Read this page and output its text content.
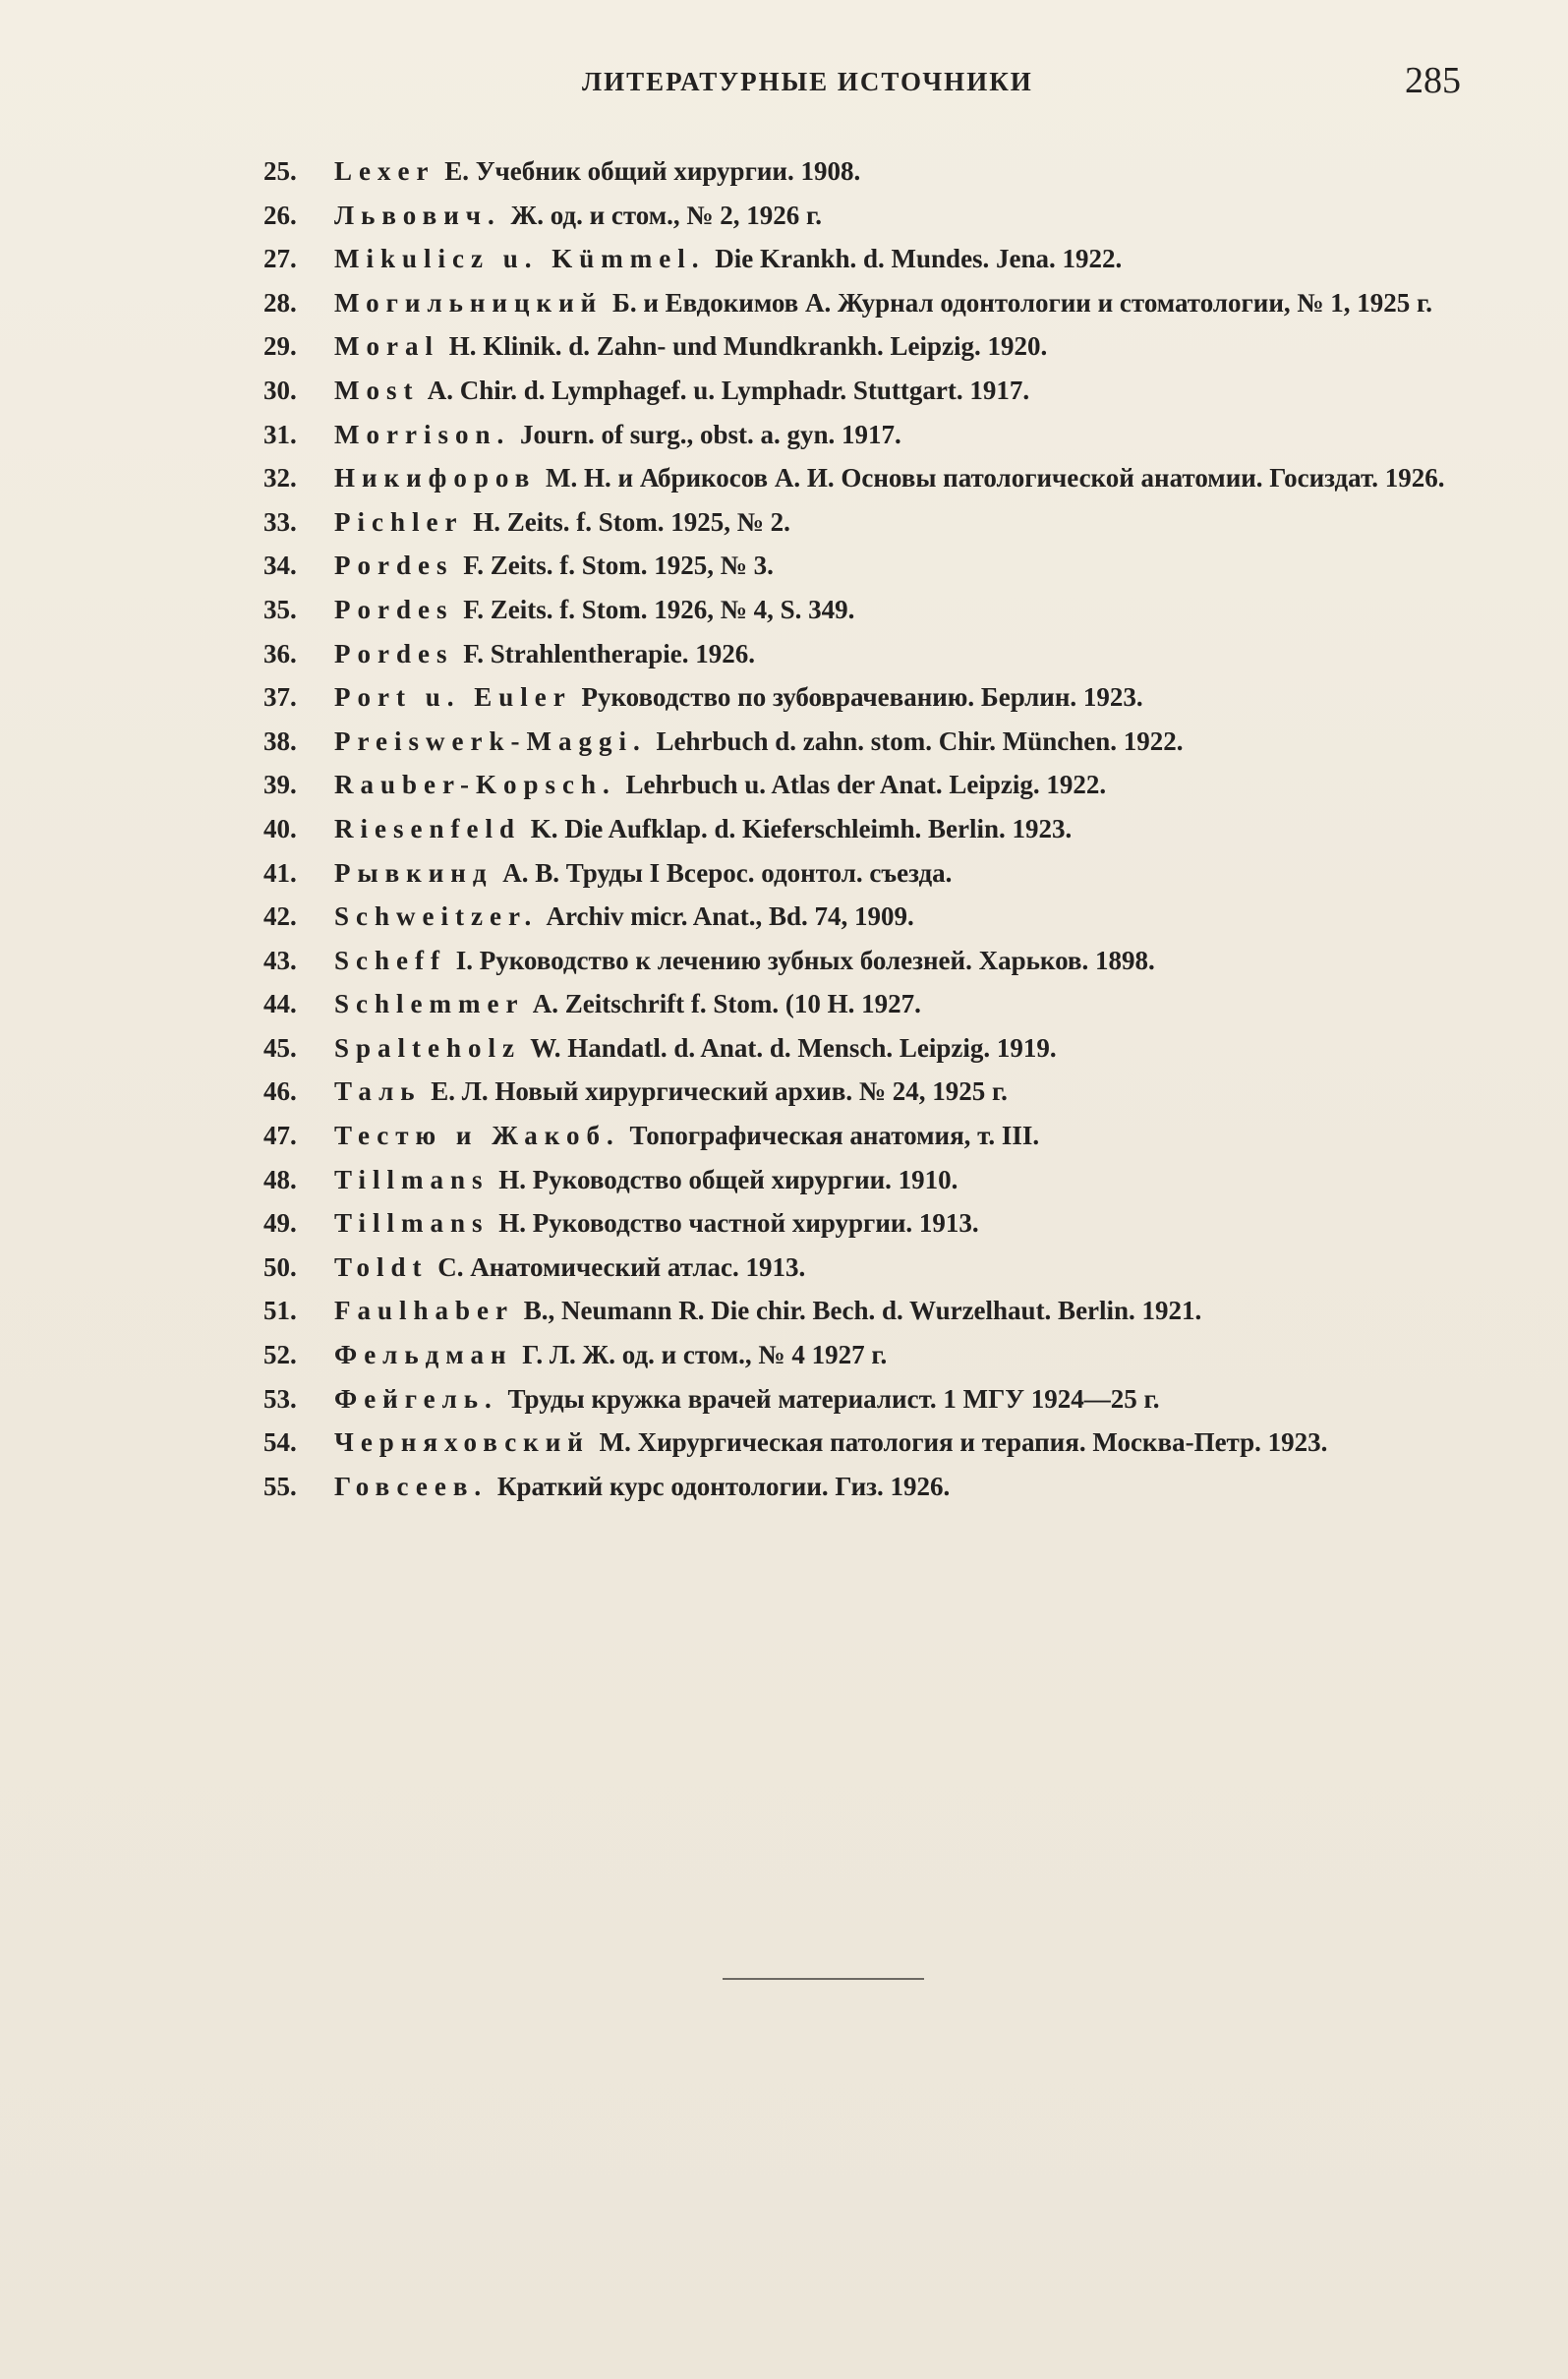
ЛИТЕРАТУРНЫЕ ИСТОЧНИКИ	285
25. Lexer Е. Учебник общий хирургии. 1908.
26. Львович. Ж. од. и стом., № 2, 1926 г.
27. Mikulicz u. Kümmel. Die Krankh. d. Mundes. Jena. 1922.
28. Могильницкий Б. и Евдокимов А. Журнал одонтологии и стоматологии, № 1, 1925 г.
29. Moral H. Klinik. d. Zahn- und Mundkrankh. Leipzig. 1920.
30. Most A. Chir. d. Lymphagef. u. Lymphadr. Stuttgart. 1917.
31. Morrison. Journ. of surg., obst. a. gyn. 1917.
32. Никифоров М. Н. и Абрикосов А. И. Основы патологической анатомии. Госиздат. 1926.
33. Pichler H. Zeits. f. Stom. 1925, № 2.
34. Pordes F. Zeits. f. Stom. 1925, № 3.
35. Pordes F. Zeits. f. Stom. 1926, № 4, S. 349.
36. Pordes F. Strahlentherapie. 1926.
37. Port u. Euler Руководство по зубоврачеванию. Берлин. 1923.
38. Preiswerk-Maggi. Lehrbuch d. zahn. stom. Chir. München. 1922.
39. Rauber-Kopsch. Lehrbuch u. Atlas der Anat. Leipzig. 1922.
40. Riesenfeld K. Die Aufklap. d. Kieferschleimh. Berlin. 1923.
41. Рывкинд А. В. Труды I Всерос. одонтол. съезда.
42. Schweitzer. Archiv micr. Anat., Bd. 74, 1909.
43. Scheff I. Руководство к лечению зубных болезней. Харьков. 1898.
44. Schlemmer A. Zeitschrift f. Stom. (10 H. 1927.
45. Spalteholz W. Handatl. d. Anat. d. Mensch. Leipzig. 1919.
46. Таль Е. Л. Новый хирургический архив. № 24, 1925 г.
47. Тестю и Жакоб. Топографическая анатомия, т. III.
48. Tillmans H. Руководство общей хирургии. 1910.
49. Tillmans H. Руководство частной хирургии. 1913.
50. Toldt C. Анатомический атлас. 1913.
51. Faulhaber B., Neumann R. Die chir. Bech. d. Wurzelhaut. Berlin. 1921.
52. Фельдман Г. Л. Ж. од. и стом., № 4 1927 г.
53. Фейгель. Труды кружка врачей материалист. 1 МГУ 1924—25 г.
54. Черняховский М. Хирургическая патология и терапия. Москва-Петр. 1923.
55. Говсеев. Краткий курс одонтологии. Гиз. 1926.
